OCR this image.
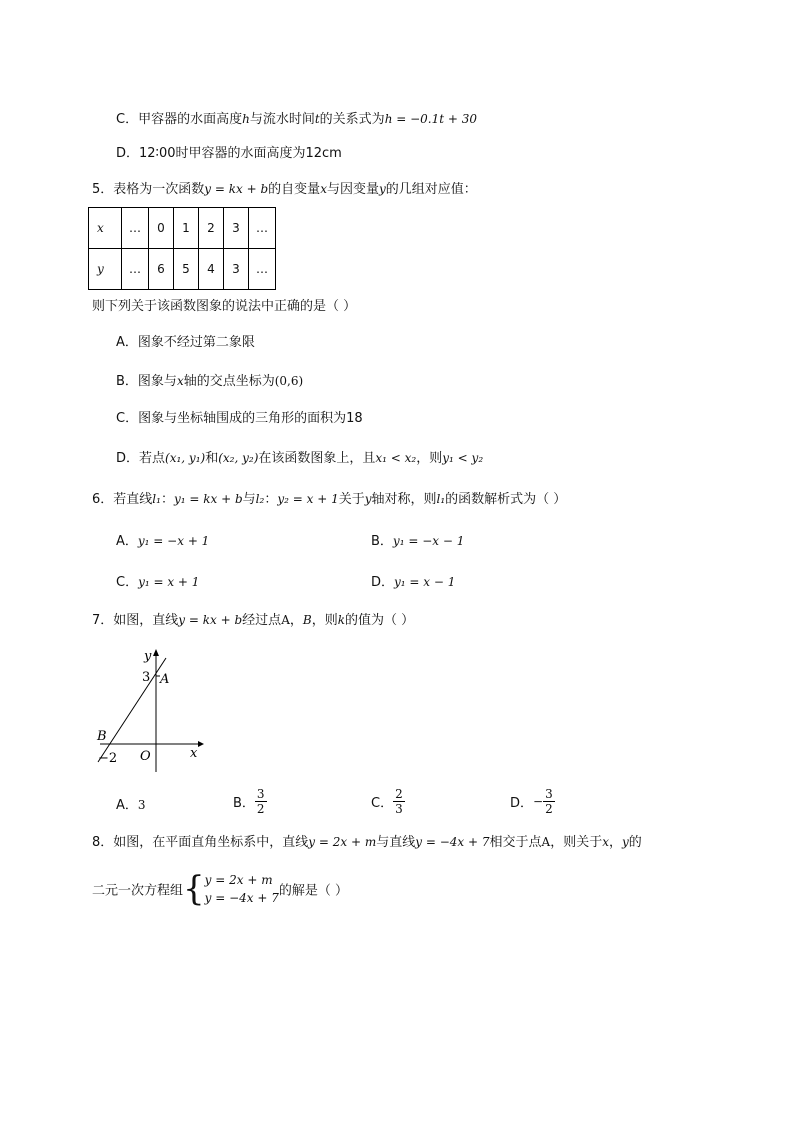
C．甲容器的水面高度h与流水时间t的关系式为h = −0.1t + 30
D．12∶00时甲容器的水面高度为12cm
5．表格为一次函数y = kx + b的自变量x与因变量y的几组对应值：
x	…	0	1	2	3	…
y	…	6	5	4	3	…
则下列关于该函数图象的说法中正确的是（ ）
A．图象不经过第二象限
B．图象与x轴的交点坐标为(0,6)
C．图象与坐标轴围成的三角形的面积为18
D．若点(x₁, y₁)和(x₂, y₂)在该函数图象上，且x₁ < x₂，则y₁ < y₂
6．若直线l₁：y₁ = kx + b与l₂：y₂ = x + 1关于y轴对称，则l₁的函数解析式为（ ）
A．y₁ = −x + 1	B．y₁ = −x − 1
C．y₁ = x + 1	D．y₁ = x − 1
7．如图，直线y = kx + b经过点A，B，则k的值为（ ）
y
x
O
A
3
B
−2
A．3	B． $\frac{3}{2}$	C． $\frac{2}{3}$	D．− $\frac{3}{2}$
8．如图，在平面直角坐标系中，直线y = 2x + m与直线y = −4x + 7相交于点A，则关于x，y的
二元一次方程组{ y = 2x + m
y = −4x + 7 的解是（ ）
